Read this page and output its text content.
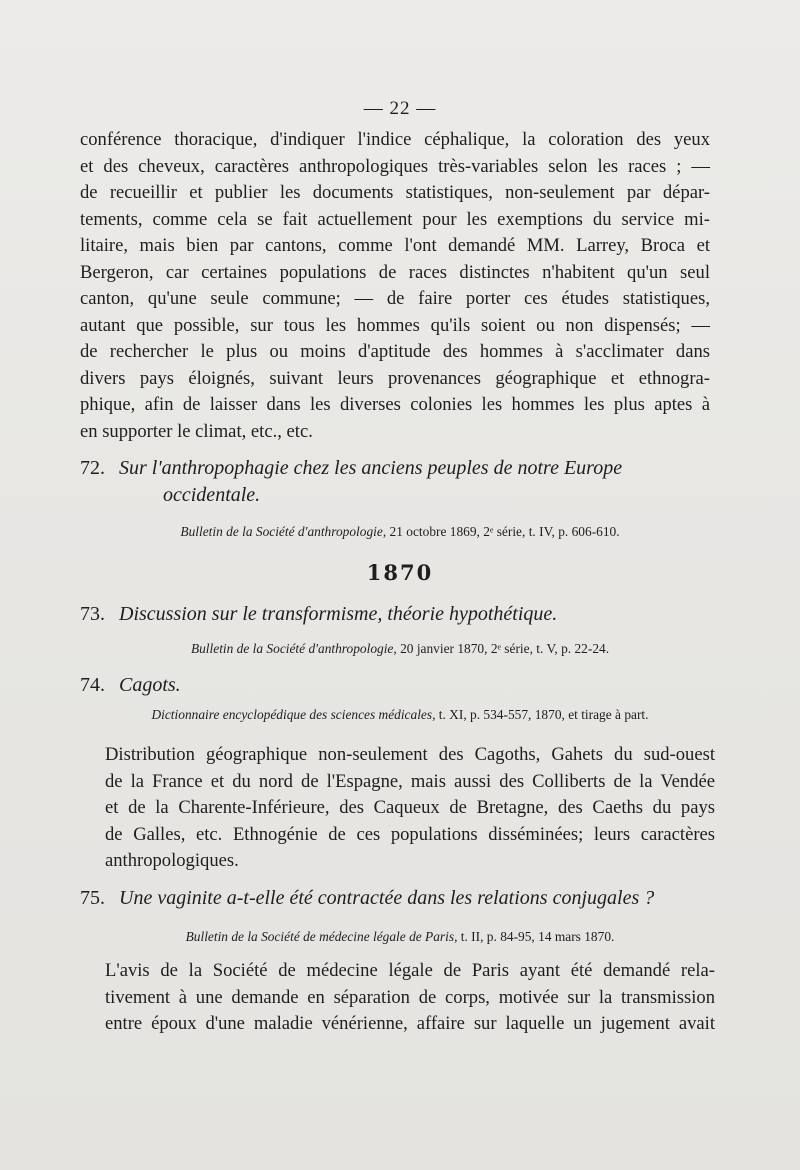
— 22 —
conférence thoracique, d'indiquer l'indice céphalique, la coloration des yeux
et des cheveux, caractères anthropologiques très-variables selon les races ; —
de recueillir et publier les documents statistiques, non-seulement par dépar-
tements, comme cela se fait actuellement pour les exemptions du service mi-
litaire, mais bien par cantons, comme l'ont demandé MM. Larrey, Broca et
Bergeron, car certaines populations de races distinctes n'habitent qu'un seul
canton, qu'une seule commune; — de faire porter ces études statistiques,
autant que possible, sur tous les hommes qu'ils soient ou non dispensés; —
de rechercher le plus ou moins d'aptitude des hommes à s'acclimater dans
divers pays éloignés, suivant leurs provenances géographique et ethnogra-
phique, afin de laisser dans les diverses colonies les hommes les plus aptes à
en supporter le climat, etc., etc.
72. Sur l'anthropophagie chez les anciens peuples de notre Europe
occidentale.
Bulletin de la Société d'anthropologie, 21 octobre 1869, 2ᵉ série, t. IV, p. 606-610.
1870
73. Discussion sur le transformisme, théorie hypothétique.
Bulletin de la Société d'anthropologie, 20 janvier 1870, 2ᵉ série, t. V, p. 22-24.
74. Cagots.
Dictionnaire encyclopédique des sciences médicales, t. XI, p. 534-557, 1870, et tirage à part.
Distribution géographique non-seulement des Cagoths, Gahets du sud-ouest
de la France et du nord de l'Espagne, mais aussi des Colliberts de la Vendée
et de la Charente-Inférieure, des Caqueux de Bretagne, des Caeths du pays
de Galles, etc. Ethnogénie de ces populations disséminées; leurs caractères
anthropologiques.
75. Une vaginite a-t-elle été contractée dans les relations conjugales ?
Bulletin de la Société de médecine légale de Paris, t. II, p. 84-95, 14 mars 1870.
L'avis de la Société de médecine légale de Paris ayant été demandé rela-
tivement à une demande en séparation de corps, motivée sur la transmission
entre époux d'une maladie vénérienne, affaire sur laquelle un jugement avait
